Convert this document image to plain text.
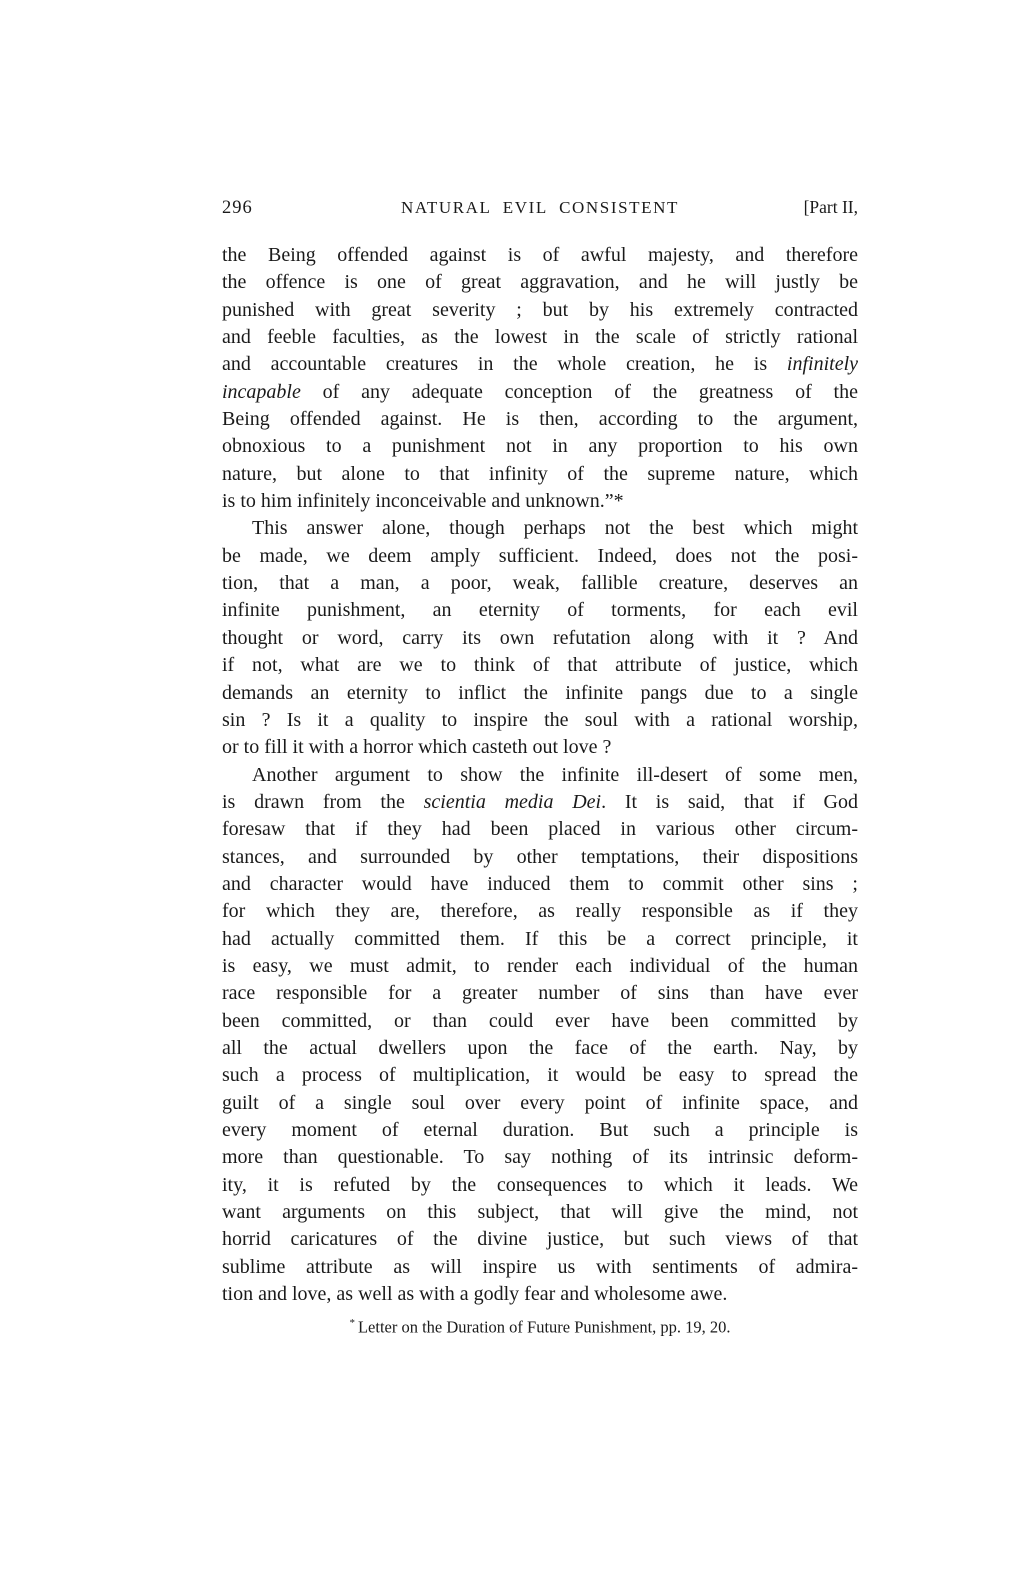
296	NATURAL EVIL CONSISTENT	[Part II,
the Being offended against is of awful majesty, and therefore
the offence is one of great aggravation, and he will justly be
punished with great severity ; but by his extremely contracted
and feeble faculties, as the lowest in the scale of strictly rational
and accountable creatures in the whole creation, he is infinitely
incapable of any adequate conception of the greatness of the
Being offended against. He is then, according to the argument,
obnoxious to a punishment not in any proportion to his own
nature, but alone to that infinity of the supreme nature, which
is to him infinitely inconceivable and unknown.”*
This answer alone, though perhaps not the best which might
be made, we deem amply sufficient. Indeed, does not the posi-
tion, that a man, a poor, weak, fallible creature, deserves an
infinite punishment, an eternity of torments, for each evil
thought or word, carry its own refutation along with it ? And
if not, what are we to think of that attribute of justice, which
demands an eternity to inflict the infinite pangs due to a single
sin ? Is it a quality to inspire the soul with a rational worship,
or to fill it with a horror which casteth out love ?
Another argument to show the infinite ill-desert of some men,
is drawn from the scientia media Dei. It is said, that if God
foresaw that if they had been placed in various other circum-
stances, and surrounded by other temptations, their dispositions
and character would have induced them to commit other sins ;
for which they are, therefore, as really responsible as if they
had actually committed them. If this be a correct principle, it
is easy, we must admit, to render each individual of the human
race responsible for a greater number of sins than have ever
been committed, or than could ever have been committed by
all the actual dwellers upon the face of the earth. Nay, by
such a process of multiplication, it would be easy to spread the
guilt of a single soul over every point of infinite space, and
every moment of eternal duration. But such a principle is
more than questionable. To say nothing of its intrinsic deform-
ity, it is refuted by the consequences to which it leads. We
want arguments on this subject, that will give the mind, not
horrid caricatures of the divine justice, but such views of that
sublime attribute as will inspire us with sentiments of admira-
tion and love, as well as with a godly fear and wholesome awe.
* Letter on the Duration of Future Punishment, pp. 19, 20.
